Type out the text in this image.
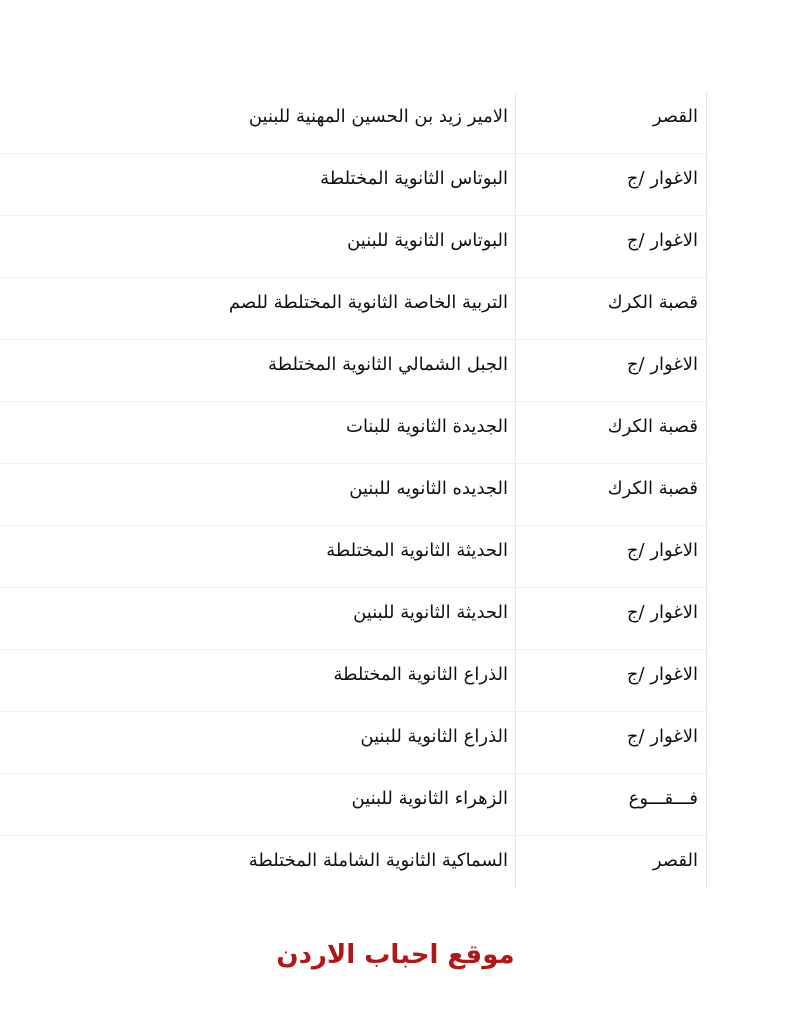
القصر
الامير زيد بن الحسين المهنية للبنين
الاغوار /ج
البوتاس الثانوية المختلطة
الاغوار /ج
البوتاس الثانوية للبنين
قصبة الكرك
التربية الخاصة الثانوية المختلطة للصم
الاغوار /ج
الجبل الشمالي الثانوية المختلطة
قصبة الكرك
الجديدة الثانوية للبنات
قصبة الكرك
الجديده الثانويه للبنين
الاغوار /ج
الحديثة الثانوية المختلطة
الاغوار /ج
الحديثة الثانوية للبنين
الاغوار /ج
الذراع الثانوية المختلطة
الاغوار /ج
الذراع الثانوية للبنين
فـــقـــوع
الزهراء الثانوية للبنين
القصر
السماكية الثانوية الشاملة المختلطة
موقع احباب الاردن
